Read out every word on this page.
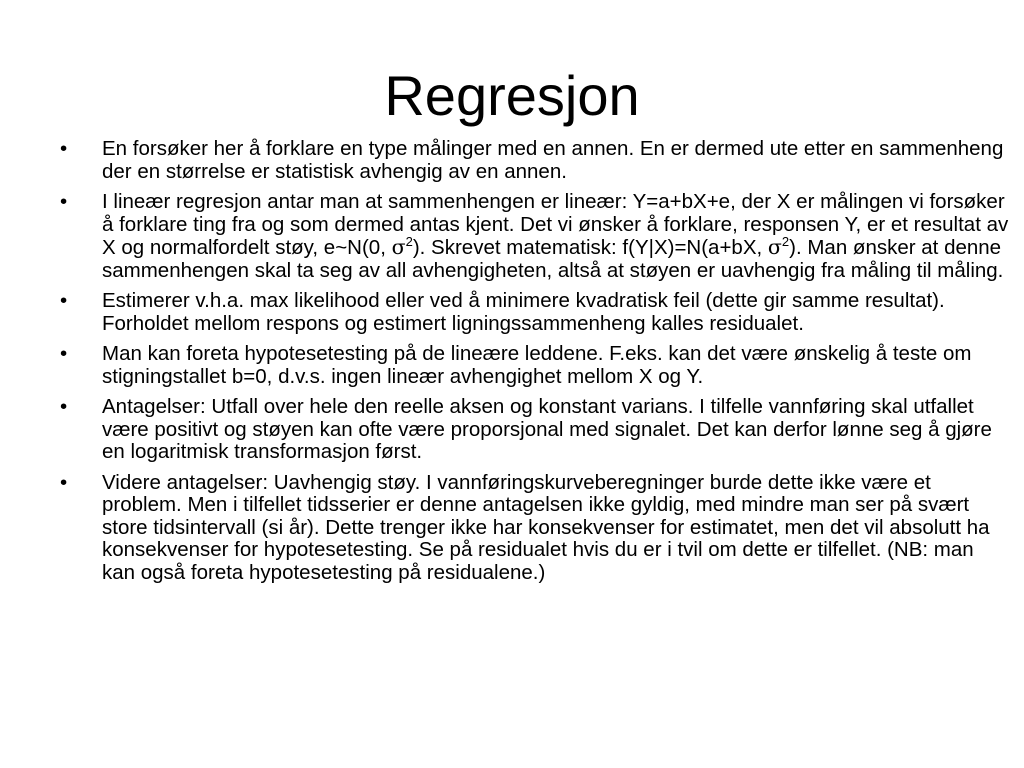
Regresjon
• En forsøker her å forklare en type målinger med en annen. En er dermed ute etter en sammenheng der en størrelse er statistisk avhengig av en annen.
• I lineær regresjon antar man at sammenhengen er lineær: Y=a+bX+e, der X er målingen vi forsøker å forklare ting fra og som dermed antas kjent. Det vi ønsker å forklare, responsen Y, er et resultat av X og normalfordelt støy, e~N(0, $\sigma^2$). Skrevet matematisk: f(Y|X)=N(a+bX, $\sigma^2$). Man ønsker at denne sammenhengen skal ta seg av all avhengigheten, altså at støyen er uavhengig fra måling til måling.
• Estimerer v.h.a. max likelihood eller ved å minimere kvadratisk feil (dette gir samme resultat). Forholdet mellom respons og estimert ligningssammenheng kalles residualet.
• Man kan foreta hypotesetesting på de lineære leddene. F.eks. kan det være ønskelig å teste om stigningstallet b=0, d.v.s. ingen lineær avhengighet mellom X og Y.
• Antagelser: Utfall over hele den reelle aksen og konstant varians. I tilfelle vannføring skal utfallet være positivt og støyen kan ofte være proporsjonal med signalet. Det kan derfor lønne seg å gjøre en logaritmisk transformasjon først.
• Videre antagelser: Uavhengig støy. I vannføringskurveberegninger burde dette ikke være et problem. Men i tilfellet tidsserier er denne antagelsen ikke gyldig, med mindre man ser på svært store tidsintervall (si år). Dette trenger ikke har konsekvenser for estimatet, men det vil absolutt ha konsekvenser for hypotesetesting. Se på residualet hvis du er i tvil om dette er tilfellet. (NB: man kan også foreta hypotesetesting på residualene.)
